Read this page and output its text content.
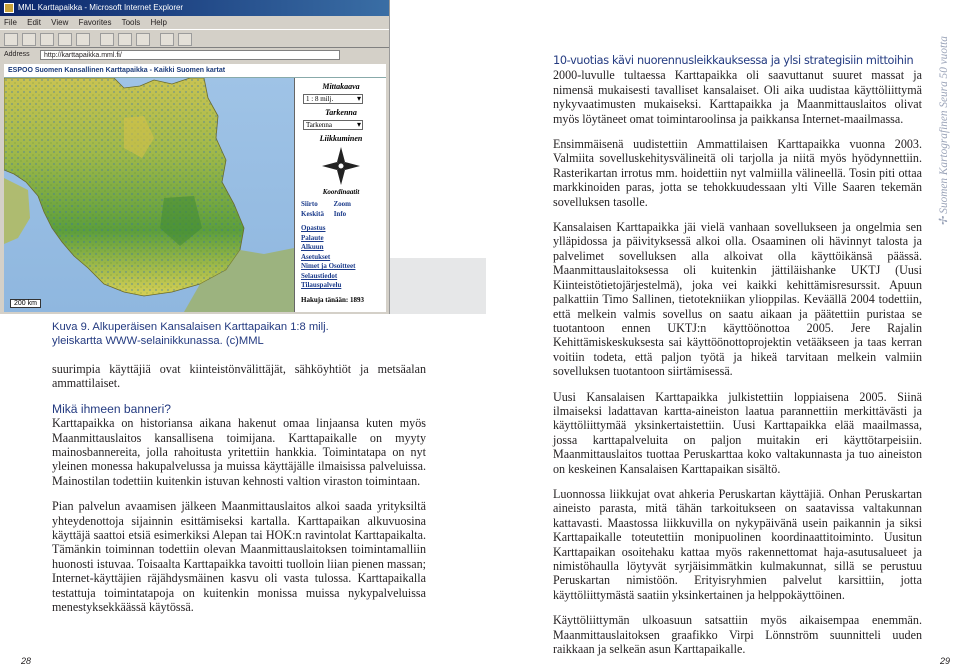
MML Karttapaikka - Microsoft Internet Explorer
File Edit View Favorites Tools Help
Address	http://karttapaikka.mml.fi/
ESPOO Suomen Kansallinen Karttapaikka - Kaikki Suomen kartat
200 km
Mittakaava
1 : 8 milj. ▾
Tarkenna
Tarkenna ▾
Liikkuminen
Koordinaatit
Siirto Zoom
Keskitä Info
Opastus
Palaute
Alkuun
Asetukset
Nimet ja Osoitteet
Selaustiedot
Tilauspalvelu
Hakuja tänään: 1893
Kuva 9. Alkuperäisen Kansalaisen Karttapaikan 1:8 milj. yleiskartta WWW-selainikkunassa. (c)MML

suurimpia käyttäjiä ovat kiinteistönvälittäjät, sähköyhtiöt ja metsäalan ammattilaiset.

Mikä ihmeen banneri?

Karttapaikka on historiansa aikana hakenut omaa linjaansa kuten myös Maanmittauslaitos kansallisena toimijana. Karttapaikalle on myyty mainosbannereita, jolla rahoitusta yritettiin hankkia. Toimintatapa on nyt yleinen monessa hakupalvelussa ja muissa käyttäjälle ilmaisissa palveluissa. Mainostilan todettiin kuitenkin istuvan kehnosti valtion viraston toimintaan.

Pian palvelun avaamisen jälkeen Maanmittauslaitos alkoi saada yrityksiltä yhteydenottoja sijainnin esittämiseksi kartalla. Karttapaikan alkuvuosina käyttäjä saattoi etsiä esimerkiksi Alepan tai HOK:n ravintolat Karttapaikalta. Tämänkin toiminnan todettiin olevan Maanmittauslaitoksen toimintamalliin huonosti istuvaa. Toisaalta Karttapaikka tavoitti tuolloin liian pienen massan; Internet-käyttäjien räjähdysmäinen kasvu oli vasta tulossa. Karttapaikalla testattuja toimintatapoja on kuitenkin monissa muissa nykypalveluissa menestyksekkäässä käytössä.

10-vuotias kävi nuorennusleikkauksessa ja ylsi strategisiin mittoihin

2000-luvulle tultaessa Karttapaikka oli saavuttanut suuret massat ja nimensä mukaisesti tavalliset kansalaiset. Oli aika uudistaa käyttöliittymä nykyvaatimusten mukaiseksi. Karttapaikka ja Maanmittauslaitos olivat myös löytäneet omat toimintaroolinsa ja paikkansa Internet-maailmassa.

Ensimmäisenä uudistettiin Ammattilaisen Karttapaikka vuonna 2003. Valmiita sovelluskehitysvälineitä oli tarjolla ja niitä myös hyödynnettiin. Rasterikartan irrotus mm. hoidettiin nyt valmiilla välineellä. Tosin piti ottaa markkinoiden paras, jotta se tehokkuudessaan ylti Ville Saaren tekemän sovelluksen tasolle.

Kansalaisen Karttapaikka jäi vielä vanhaan sovellukseen ja ongelmia sen ylläpidossa ja päivityksessä alkoi olla. Osaaminen oli hävinnyt talosta ja palvelimet sovelluksen alla alkoivat olla käyttöikänsä päässä. Maanmittauslaitoksessa oli kuitenkin jättiläishanke UKTJ (Uusi Kiinteistötietojärjestelmä), joka vei kaikki kehittämisresurssit. Apuun palkattiin Timo Sallinen, tietotekniikan ylioppilas. Keväällä 2004 todettiin, että melkein valmis sovellus on saatu aikaan ja päätettiin puristaa se tuotantoon ennen UKTJ:n käyttöönottoa 2005. Jere Rajalin Kehittämiskeskuksesta sai käyttöönottoprojektin vetääkseen ja taas kerran voitiin todeta, että paljon työtä ja hikeä tarvitaan melkein valmiin sovelluksen tuotantoon siirtämisessä.

Uusi Kansalaisen Karttapaikka julkistettiin loppiaisena 2005. Siinä ilmaiseksi ladattavan kartta-aineiston laatua parannettiin merkittävästi ja käyttöliittymää yksinkertaistettiin. Uusi Karttapaikka elää maailmassa, jossa karttapalveluita on paljon muitakin eri käyttötarpeisiin. Maanmittauslaitos tuottaa Peruskarttaa koko valtakunnasta ja tuo aineiston on keskeinen Kansalaisen Karttapaikan sisältö.

Luonnossa liikkujat ovat ahkeria Peruskartan käyttäjiä. Onhan Peruskartan aineisto parasta, mitä tähän tarkoitukseen on saatavissa valtakunnan kattavasti. Maastossa liikkuvilla on nykypäivänä usein paikannin ja siksi Karttapaikalle toteutettiin monipuolinen koordinaattitoiminto. Uusitun Karttapaikan osoitehaku kattaa myös rakennettomat haja-asutusalueet ja nimistöhaulla löytyvät syrjäisimmätkin kulmakunnat, sillä se perustuu Peruskartan nimistöön. Erityisryhmien palvelut karsittiin, jotta käyttöliittymästä saatiin yksinkertainen ja helppokäyttöinen.

Käyttöliittymän ulkoasuun satsattiin myös aikaisempaa enemmän. Maanmittauslaitoksen graafikko Virpi Lönnström suunnitteli uuden raikkaan ja selkeän asun Karttapaikalle.

✢ Suomen Kartografinen Seura 50 vuotta
28	29
